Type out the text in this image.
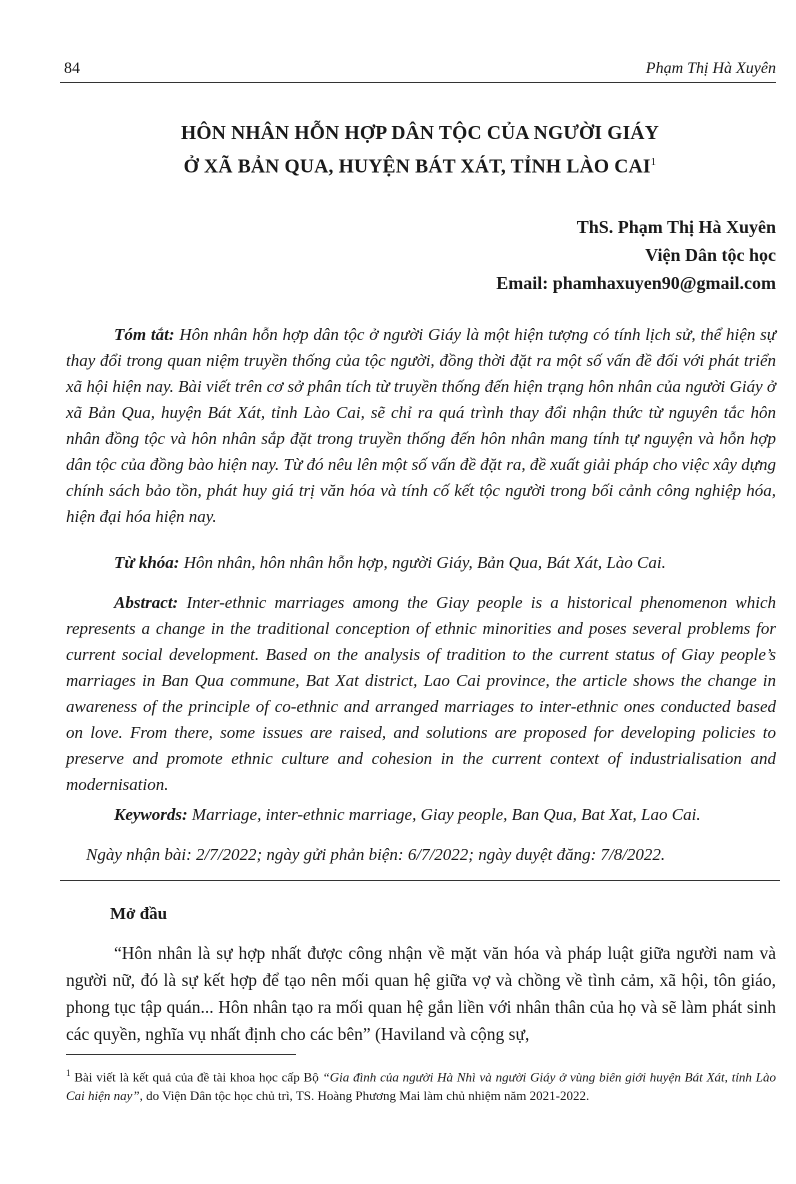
84	Phạm Thị Hà Xuyên
HÔN NHÂN HỖN HỢP DÂN TỘC CỦA NGƯỜI GIÁY
Ở XÃ BẢN QUA, HUYỆN BÁT XÁT, TỈNH LÀO CAI$^1$
ThS. Phạm Thị Hà Xuyên
Viện Dân tộc học
Email: phamhaxuyen90@gmail.com
Tóm tắt: Hôn nhân hỗn hợp dân tộc ở người Giáy là một hiện tượng có tính lịch sử, thể hiện sự thay đổi trong quan niệm truyền thống của tộc người, đồng thời đặt ra một số vấn đề đối với phát triển xã hội hiện nay. Bài viết trên cơ sở phân tích từ truyền thống đến hiện trạng hôn nhân của người Giáy ở xã Bản Qua, huyện Bát Xát, tỉnh Lào Cai, sẽ chỉ ra quá trình thay đổi nhận thức từ nguyên tắc hôn nhân đồng tộc và hôn nhân sắp đặt trong truyền thống đến hôn nhân mang tính tự nguyện và hỗn hợp dân tộc của đồng bào hiện nay. Từ đó nêu lên một số vấn đề đặt ra, đề xuất giải pháp cho việc xây dựng chính sách bảo tồn, phát huy giá trị văn hóa và tính cố kết tộc người trong bối cảnh công nghiệp hóa, hiện đại hóa hiện nay.
Từ khóa: Hôn nhân, hôn nhân hỗn hợp, người Giáy, Bản Qua, Bát Xát, Lào Cai.
Abstract: Inter-ethnic marriages among the Giay people is a historical phenomenon which represents a change in the traditional conception of ethnic minorities and poses several problems for current social development. Based on the analysis of tradition to the current status of Giay people’s marriages in Ban Qua commune, Bat Xat district, Lao Cai province, the article shows the change in awareness of the principle of co-ethnic and arranged marriages to inter-ethnic ones conducted based on love. From there, some issues are raised, and solutions are proposed for developing policies to preserve and promote ethnic culture and cohesion in the current context of industrialisation and modernisation.
Keywords: Marriage, inter-ethnic marriage, Giay people, Ban Qua, Bat Xat, Lao Cai.
Ngày nhận bài: 2/7/2022; ngày gửi phản biện: 6/7/2022; ngày duyệt đăng: 7/8/2022.
Mở đầu
“Hôn nhân là sự hợp nhất được công nhận về mặt văn hóa và pháp luật giữa người nam và người nữ, đó là sự kết hợp để tạo nên mối quan hệ giữa vợ và chồng về tình cảm, xã hội, tôn giáo, phong tục tập quán... Hôn nhân tạo ra mối quan hệ gắn liền với nhân thân của họ và sẽ làm phát sinh các quyền, nghĩa vụ nhất định cho các bên” (Haviland và cộng sự,
$^1$ Bài viết là kết quả của đề tài khoa học cấp Bộ “Gia đình của người Hà Nhì và người Giáy ở vùng biên giới huyện Bát Xát, tỉnh Lào Cai hiện nay”, do Viện Dân tộc học chủ trì, TS. Hoàng Phương Mai làm chủ nhiệm năm 2021-2022.
